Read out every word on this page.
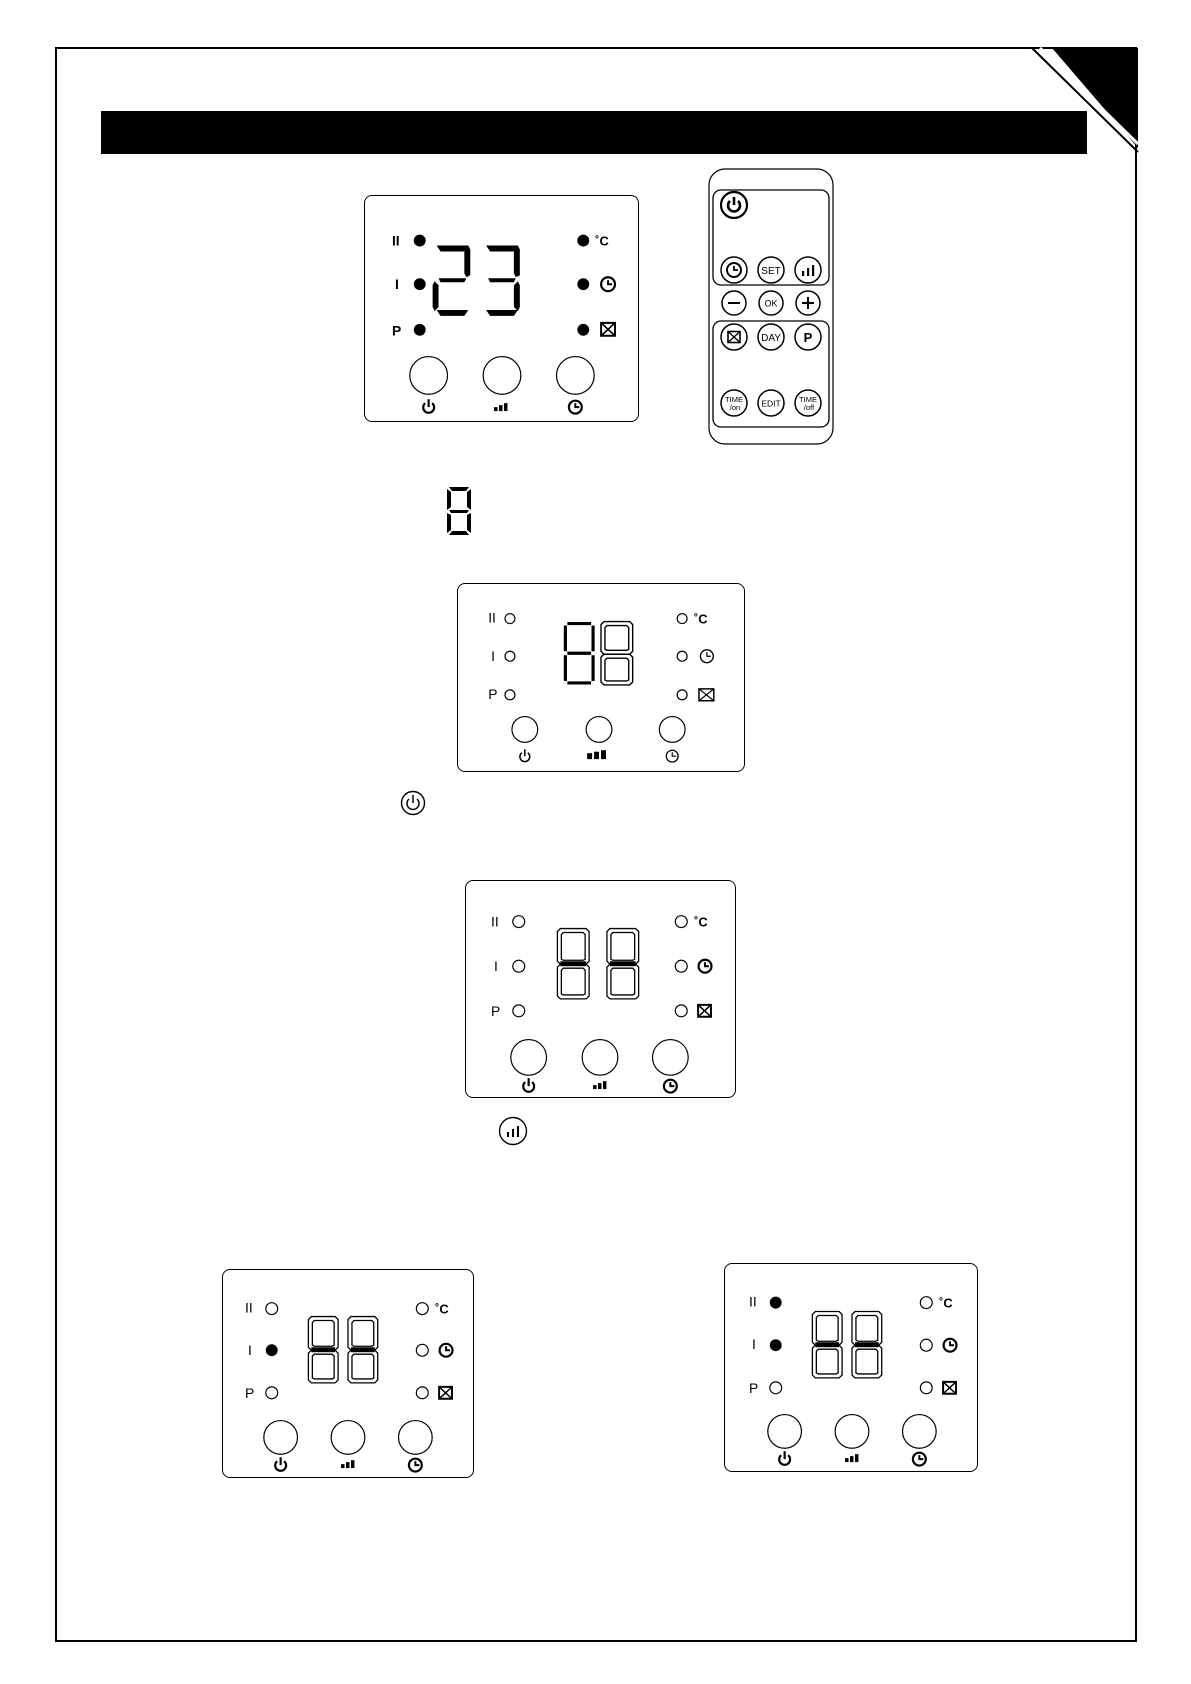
II
I
P
23
˚C
SET
OK
DAY P
TIME
/on EDIT TIME
/off
II
I
P
˚C
II
I
P
˚C
II
I
P
˚C	II
I
P
˚C
